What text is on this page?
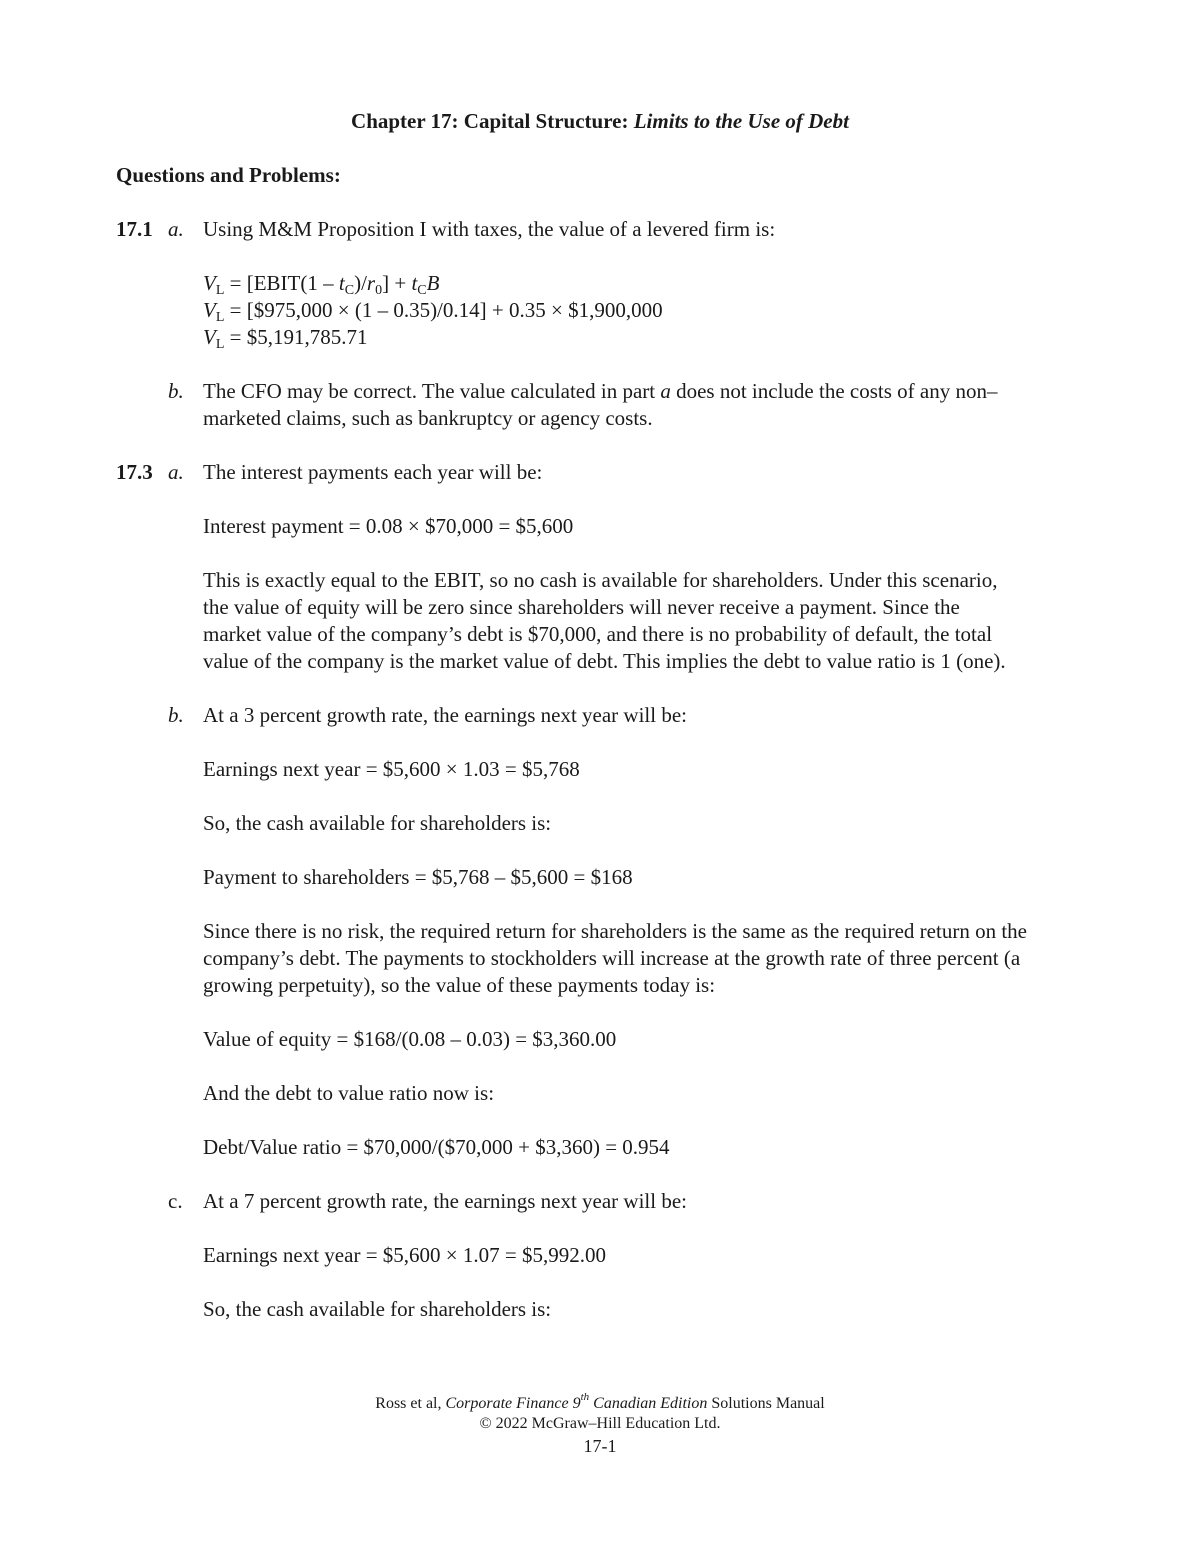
Chapter 17: Capital Structure: Limits to the Use of Debt
Questions and Problems:
17.1 a. Using M&M Proposition I with taxes, the value of a levered firm is:
$V_L$ = [EBIT(1 – $t_C)/r_0] + t_CB$
$V_L$ = [$975,000 × (1 – 0.35)/0.14] + 0.35 × $1,900,000
$V_L$ = $5,191,785.71
b. The CFO may be correct. The value calculated in part a does not include the costs of any non–
marketed claims, such as bankruptcy or agency costs.
17.3 a. The interest payments each year will be:
Interest payment = 0.08 × $70,000 = $5,600
This is exactly equal to the EBIT, so no cash is available for shareholders. Under this scenario,
the value of equity will be zero since shareholders will never receive a payment. Since the
market value of the company’s debt is $70,000, and there is no probability of default, the total
value of the company is the market value of debt. This implies the debt to value ratio is 1 (one).
b. At a 3 percent growth rate, the earnings next year will be:
Earnings next year = $5,600 × 1.03 = $5,768
So, the cash available for shareholders is:
Payment to shareholders = $5,768 – $5,600 = $168
Since there is no risk, the required return for shareholders is the same as the required return on the
company’s debt. The payments to stockholders will increase at the growth rate of three percent (a
growing perpetuity), so the value of these payments today is:
Value of equity = $168/(0.08 – 0.03) = $3,360.00
And the debt to value ratio now is:
Debt/Value ratio = $70,000/($70,000 + $3,360) = 0.954
c. At a 7 percent growth rate, the earnings next year will be:
Earnings next year = $5,600 × 1.07 = $5,992.00
So, the cash available for shareholders is:
Ross et al, Corporate Finance 9th Canadian Edition Solutions Manual
© 2022 McGraw–Hill Education Ltd.
17-1
